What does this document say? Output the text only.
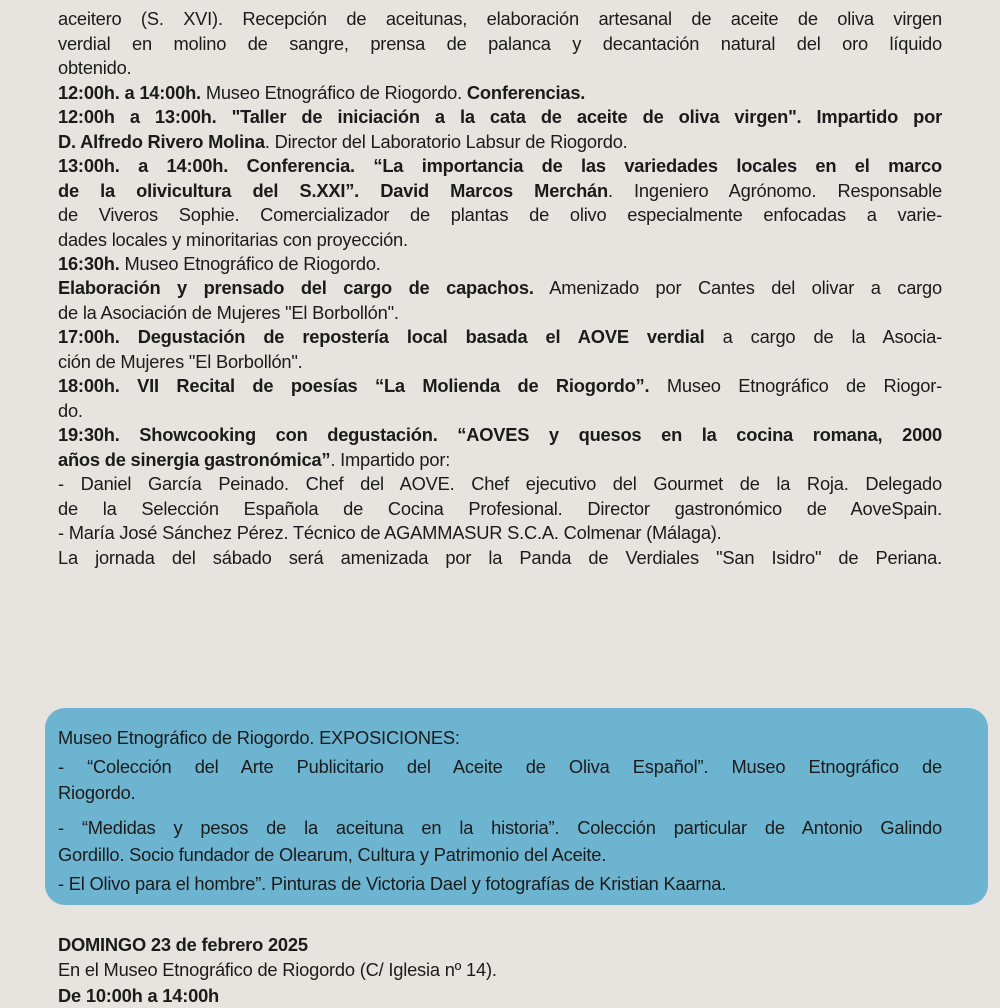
aceitero (S. XVI). Recepción de aceitunas, elaboración artesanal de aceite de oliva virgen
verdial en molino de sangre, prensa de palanca y decantación natural del oro líquido
obtenido.
12:00h. a 14:00h. Museo Etnográfico de Riogordo. Conferencias.
12:00h a 13:00h. "Taller de iniciación a la cata de aceite de oliva virgen". Impartido por
D. Alfredo Rivero Molina. Director del Laboratorio Labsur de Riogordo.
13:00h. a 14:00h. Conferencia. “La importancia de las variedades locales en el marco
de la olivicultura del S.XXI”. David Marcos Merchán. Ingeniero Agrónomo. Responsable
de Viveros Sophie. Comercializador de plantas de olivo especialmente enfocadas a varie-
dades locales y minoritarias con proyección.
16:30h. Museo Etnográfico de Riogordo.
Elaboración y prensado del cargo de capachos. Amenizado por Cantes del olivar a cargo
de la Asociación de Mujeres "El Borbollón".
17:00h. Degustación de repostería local basada el AOVE verdial a cargo de la Asocia-
ción de Mujeres "El Borbollón".
18:00h. VII Recital de poesías “La Molienda de Riogordo”. Museo Etnográfico de Riogor-
do.
19:30h. Showcooking con degustación. “AOVES y quesos en la cocina romana, 2000
años de sinergia gastronómica”. Impartido por:
- Daniel García Peinado. Chef del AOVE. Chef ejecutivo del Gourmet de la Roja. Delegado
de la Selección Española de Cocina Profesional. Director gastronómico de AoveSpain.
- María José Sánchez Pérez. Técnico de AGAMMASUR S.C.A. Colmenar (Málaga).
La jornada del sábado será amenizada por la Panda de Verdiales "San Isidro" de Periana.
Museo Etnográfico de Riogordo. EXPOSICIONES:
- “Colección del Arte Publicitario del Aceite de Oliva Español”. Museo Etnográfico de
Riogordo.
- “Medidas y pesos de la aceituna en la historia”. Colección particular de Antonio Galindo
Gordillo. Socio fundador de Olearum, Cultura y Patrimonio del Aceite.
- El Olivo para el hombre”. Pinturas de Victoria Dael y fotografías de Kristian Kaarna.
DOMINGO 23 de febrero 2025
En el Museo Etnográfico de Riogordo (C/ Iglesia nº 14).
De 10:00h a 14:00h
